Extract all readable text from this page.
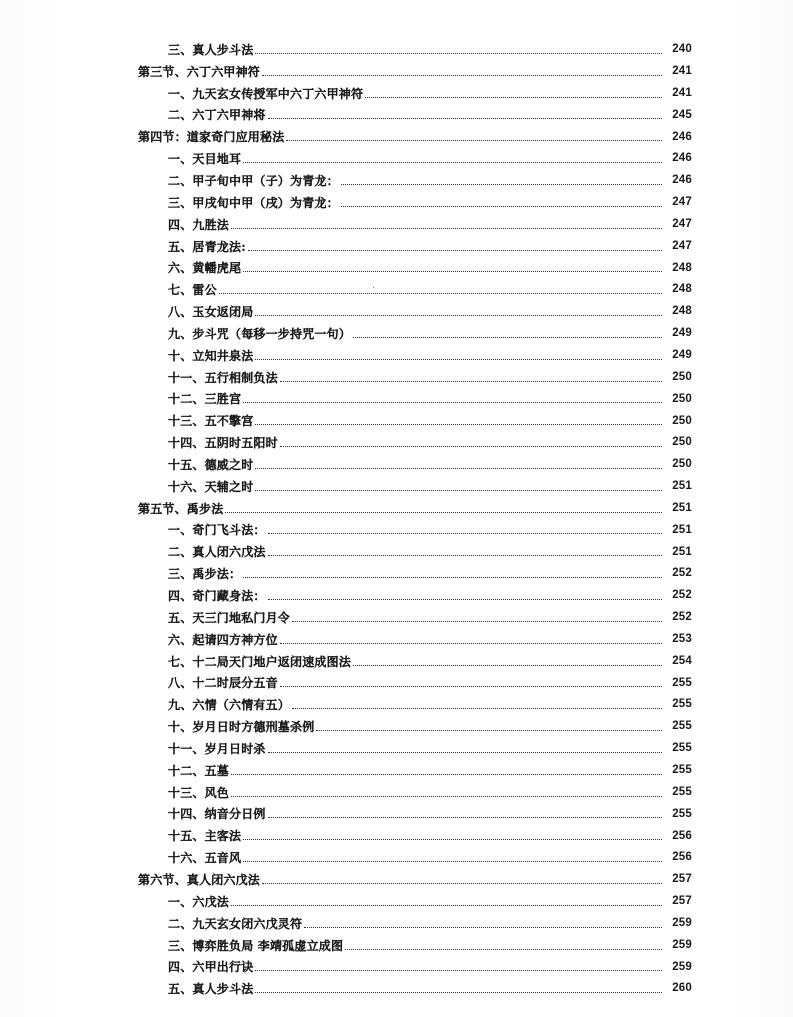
三、真人步斗法	240
第三节、六丁六甲神符	241
一、九天玄女传授军中六丁六甲神符	241
二、六丁六甲神将	245
第四节：道家奇门应用秘法	246
一、天目地耳	246
二、甲子旬中甲（子）为青龙：	246
三、甲戌旬中甲（戌）为青龙：	247
四、九胜法	247
五、居青龙法:	247
六、黄幡虎尾	248
七、雷公	248
八、玉女返闭局	248
九、步斗咒（每移一步持咒一句）	249
十、立知井泉法	249
十一、五行相制负法	250
十二、三胜宫	250
十三、五不擎宫	250
十四、五阴时五阳时	250
十五、德威之时	250
十六、天辅之时	251
第五节、禹步法	251
一、奇门飞斗法：	251
二、真人闭六戊法	251
三、禹步法：	252
四、奇门藏身法：	252
五、天三门地私门月令	252
六、起请四方神方位	253
七、十二局天门地户返闭速成图法	254
八、十二时辰分五音	255
九、六情（六情有五）	255
十、岁月日时方德刑墓杀例	255
十一、岁月日时杀	255
十二、五墓	255
十三、风色	255
十四、纳音分日例	255
十五、主客法	256
十六、五音风	256
第六节、真人闭六戊法	257
一、六戊法	257
二、九天玄女闭六戊灵符	259
三、博弈胜负局 李靖孤虚立成图	259
四、六甲出行诀	259
五、真人步斗法	260
